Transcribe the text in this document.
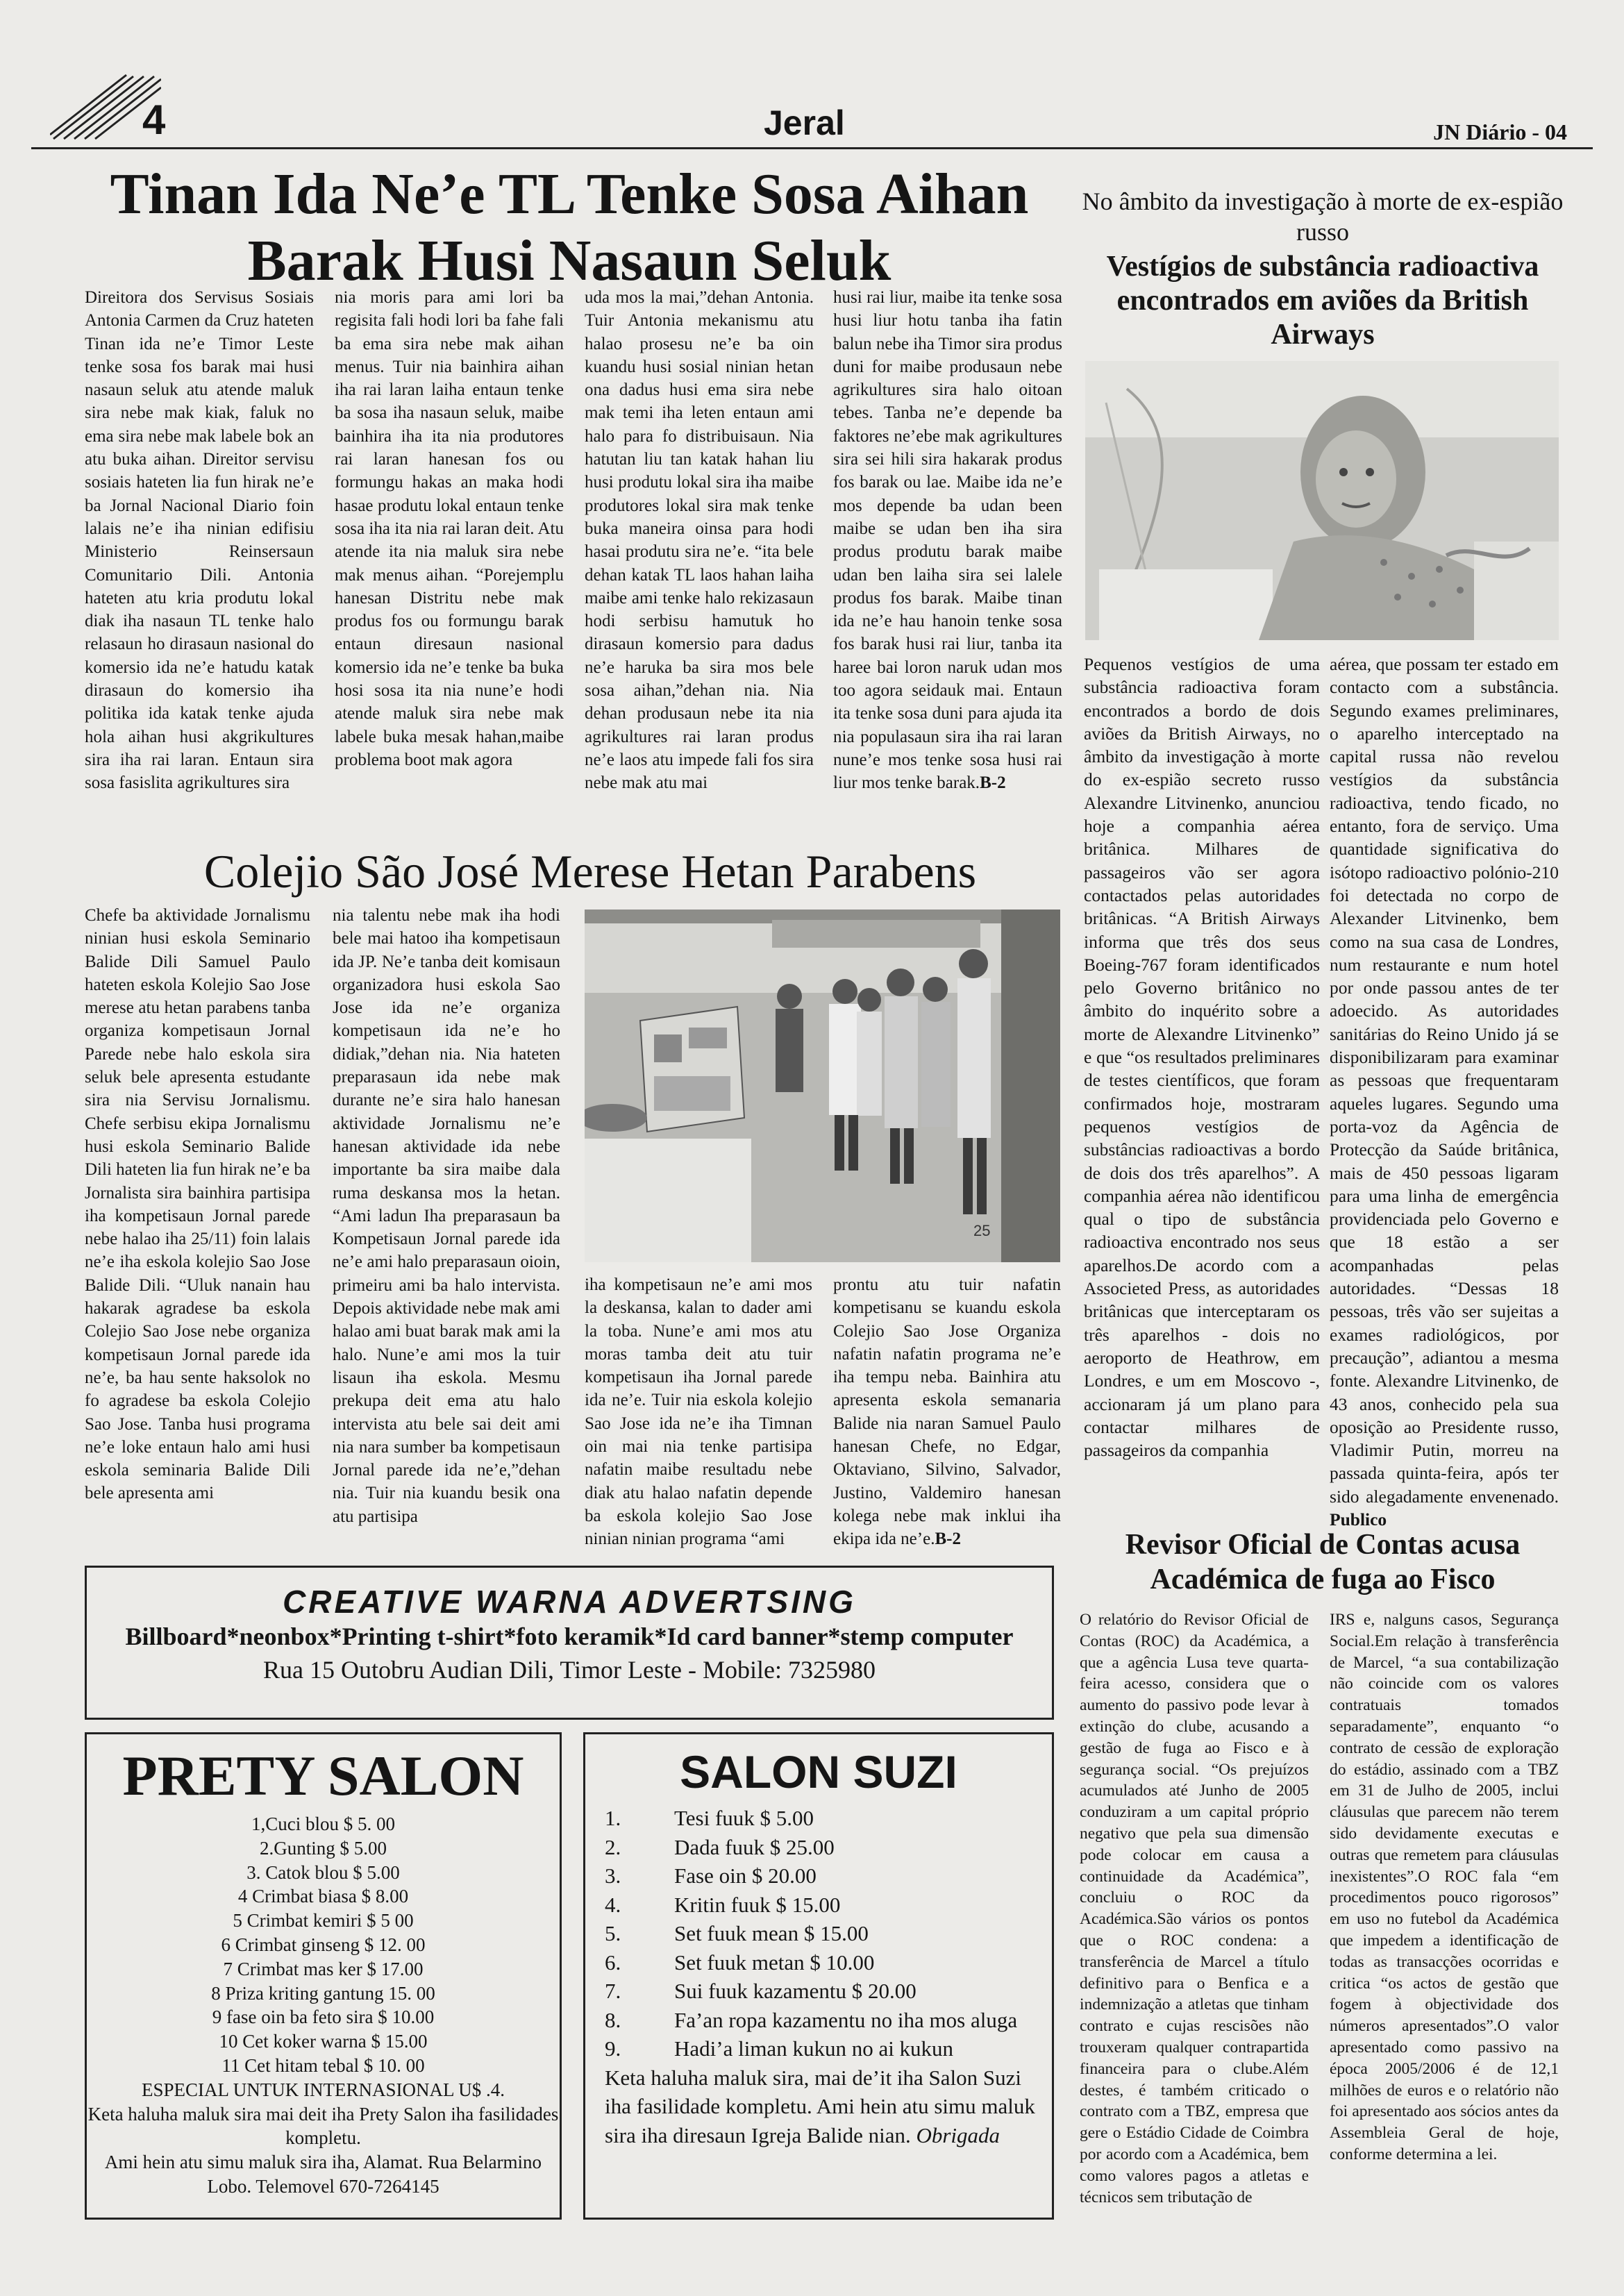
4	Jeral	JN Diário - 04
Tinan Ida Ne’e TL Tenke Sosa Aihan
Barak Husi Nasaun Seluk

Direitora dos Servisus Sosiais Antonia Carmen da Cruz hateten Tinan ida ne’e Timor Leste tenke sosa fos barak mai husi nasaun seluk atu atende maluk sira nebe mak kiak, faluk no ema sira nebe mak labele bok an atu buka aihan. Direitor servisu sosiais hateten lia fun hirak ne’e ba Jornal Nacional Diario foin lalais ne’e iha ninian edifisiu Ministerio Reinsersaun Comunitario Dili. Antonia hateten atu kria produtu lokal diak iha nasaun TL tenke halo relasaun ho dirasaun nasional do komersio ida ne’e hatudu katak dirasaun do komersio iha politika ida katak tenke ajuda hola aihan husi akgrikultures sira iha rai laran. Entaun sira sosa fasislita agrikultures sira

nia moris para ami lori ba regisita fali hodi lori ba fahe fali ba ema sira nebe mak aihan menus. Tuir nia bainhira aihan iha rai laran laiha entaun tenke ba sosa iha nasaun seluk, maibe bainhira iha ita nia produtores rai laran hanesan fos ou formungu hakas an maka hodi hasae produtu lokal entaun tenke sosa iha ita nia rai laran deit. Atu atende ita nia maluk sira nebe mak menus aihan. “Porejemplu hanesan Distritu nebe mak produs fos ou formungu barak entaun diresaun nasional komersio ida ne’e tenke ba buka hosi sosa ita nia nune’e hodi atende maluk sira nebe mak labele buka mesak hahan,maibe problema boot mak agora

uda mos la mai,”dehan Antonia. Tuir Antonia mekanismu atu halao prosesu ne’e ba oin kuandu husi sosial ninian hetan ona dadus husi ema sira nebe mak temi iha leten entaun ami halo para fo distribuisaun. Nia hatutan liu tan katak hahan liu husi produtu lokal sira iha maibe produtores lokal sira mak tenke buka maneira oinsa para hodi hasai produtu sira ne’e. “ita bele dehan katak TL laos hahan laiha maibe ami tenke halo rekizasaun hodi serbisu hamutuk ho dirasaun komersio para dadus ne’e haruka ba sira mos bele sosa aihan,”dehan nia. Nia dehan produsaun nebe ita nia agrikultures rai laran produs ne’e laos atu impede fali fos sira nebe mak atu mai

husi rai liur, maibe ita tenke sosa husi liur hotu tanba iha fatin balun nebe iha Timor sira produs duni for maibe produsaun nebe agrikultures sira halo oitoan tebes. Tanba ne’e depende ba faktores ne’ebe mak agrikultures sira sei hili sira hakarak produs fos barak ou lae. Maibe ida ne’e mos depende ba udan been maibe se udan ben iha sira produs produtu barak maibe udan ben laiha sira sei lalele produs fos barak. Maibe tinan ida ne’e hau hanoin tenke sosa fos barak husi rai liur, tanba ita haree bai loron naruk udan mos too agora seidauk mai. Entaun ita tenke sosa duni para ajuda ita nia populasaun sira iha rai laran nune’e mos tenke sosa husi rai liur mos tenke barak.B-2

Colejio São José Merese Hetan Parabens

Chefe ba aktividade Jornalismu ninian husi eskola Seminario Balide Dili Samuel Paulo hateten eskola Kolejio Sao Jose merese atu hetan parabens tanba organiza kompetisaun Jornal Parede nebe halo eskola sira seluk bele apresenta estudante sira nia Servisu Jornalismu. Chefe serbisu ekipa Jornalismu husi eskola Seminario Balide Dili hateten lia fun hirak ne’e ba Jornalista sira bainhira partisipa iha kompetisaun Jornal parede nebe halao iha 25/11) foin lalais ne’e iha eskola kolejio Sao Jose Balide Dili. “Uluk nanain hau hakarak agradese ba eskola Colejio Sao Jose nebe organiza kompetisaun Jornal parede ida ne’e, ba hau sente haksolok no fo agradese ba eskola Colejio Sao Jose. Tanba husi programa ne’e loke entaun halo ami husi eskola seminaria Balide Dili bele apresenta ami

nia talentu nebe mak iha hodi bele mai hatoo iha kompetisaun ida JP. Ne’e tanba deit komisaun organizadora husi eskola Sao Jose ida ne’e organiza kompetisaun ida ne’e ho didiak,”dehan nia. Nia hateten preparasaun ida nebe mak durante ne’e sira halo hanesan aktividade Jornalismu ne’e hanesan aktividade ida nebe importante ba sira maibe dala ruma deskansa mos la hetan. “Ami ladun Iha preparasaun ba Kompetisaun Jornal parede ida ne’e ami halo preparasaun oioin, primeiru ami ba halo intervista. Depois aktividade nebe mak ami halao ami buat barak mak ami la halo. Nune’e ami mos la tuir lisaun iha eskola. Mesmu prekupa deit ema atu halo intervista atu bele sai deit ami nia nara sumber ba kompetisaun Jornal parede ida ne’e,”dehan nia. Tuir nia kuandu besik ona atu partisipa

25

iha kompetisaun ne’e ami mos la deskansa, kalan to dader ami la toba. Nune’e ami mos atu moras tamba deit atu tuir kompetisaun iha Jornal parede ida ne’e. Tuir nia eskola kolejio Sao Jose ida ne’e iha Timnan oin mai nia tenke partisipa nafatin maibe resultadu nebe diak atu halao nafatin depende ba eskola kolejio Sao Jose ninian ninian programa “ami

prontu atu tuir nafatin kompetisanu se kuandu eskola Colejio Sao Jose Organiza nafatin nafatin programa ne’e iha tempu neba. Bainhira atu apresenta eskola semanaria Balide nia naran Samuel Paulo hanesan Chefe, no Edgar, Oktaviano, Silvino, Salvador, Justino, Valdemiro hanesan kolega nebe mak inklui iha ekipa ida ne’e.B-2

No âmbito da investigação à morte de ex-espião russo
Vestígios de substância radioactiva encontrados em aviões da British Airways

Pequenos vestígios de uma substância radioactiva foram encontrados a bordo de dois aviões da British Airways, no âmbito da investigação à morte do ex-espião secreto russo Alexandre Litvinenko, anunciou hoje a companhia aérea britânica. Milhares de passageiros vão ser agora contactados pelas autoridades britânicas. “A British Airways informa que três dos seus Boeing-767 foram identificados pelo Governo britânico no âmbito do inquérito sobre a morte de Alexandre Litvinenko” e que “os resultados preliminares de testes científicos, que foram confirmados hoje, mostraram pequenos vestígios de substâncias radioactivas a bordo de dois dos três aparelhos”. A companhia aérea não identificou qual o tipo de substância radioactiva encontrado nos seus aparelhos.De acordo com a Associeted Press, as autoridades britânicas que interceptaram os três aparelhos - dois no aeroporto de Heathrow, em Londres, e um em Moscovo -, accionaram já um plano para contactar milhares de passageiros da companhia

aérea, que possam ter estado em contacto com a substância. Segundo exames preliminares, o aparelho interceptado na capital russa não revelou vestígios da substância radioactiva, tendo ficado, no entanto, fora de serviço. Uma quantidade significativa do isótopo radioactivo polónio-210 foi detectada no corpo de Alexander Litvinenko, bem como na sua casa de Londres, num restaurante e num hotel por onde passou antes de ter adoecido. As autoridades sanitárias do Reino Unido já se disponibilizaram para examinar as pessoas que frequentaram aqueles lugares. Segundo uma porta-voz da Agência de Protecção da Saúde britânica, mais de 450 pessoas ligaram para uma linha de emergência providenciada pelo Governo e que 18 estão a ser acompanhadas pelas autoridades. “Dessas 18 pessoas, três vão ser sujeitas a exames radiológicos, por precaução”, adiantou a mesma fonte. Alexandre Litvinenko, de 43 anos, conhecido pela sua oposição ao Presidente russo, Vladimir Putin, morreu na passada quinta-feira, após ter sido alegadamente envenenado. Publico

Revisor Oficial de Contas acusa
Académica de fuga ao Fisco

O relatório do Revisor Oficial de Contas (ROC) da Académica, a que a agência Lusa teve quarta-feira acesso, considera que o aumento do passivo pode levar à extinção do clube, acusando a gestão de fuga ao Fisco e à segurança social. “Os prejuízos acumulados até Junho de 2005 conduziram a um capital próprio negativo que pela sua dimensão pode colocar em causa a continuidade da Académica”, concluiu o ROC da Académica.São vários os pontos que o ROC condena: a transferência de Marcel a título definitivo para o Benfica e a indemnização a atletas que tinham contrato e cujas rescisões não trouxeram qualquer contrapartida financeira para o clube.Além destes, é também criticado o contrato com a TBZ, empresa que gere o Estádio Cidade de Coimbra por acordo com a Académica, bem como valores pagos a atletas e técnicos sem tributação de

IRS e, nalguns casos, Segurança Social.Em relação à transferência de Marcel, “a sua contabilização não coincide com os valores contratuais tomados separadamente”, enquanto “o contrato de cessão de exploração do estádio, assinado com a TBZ em 31 de Julho de 2005, inclui cláusulas que parecem não terem sido devidamente executas e outras que remetem para cláusulas inexistentes”.O ROC fala “em procedimentos pouco rigorosos” em uso no futebol da Académica que impedem a identificação de todas as transacções ocorridas e critica “os actos de gestão que fogem à objectividade dos números apresentados”.O valor apresentado como passivo na época 2005/2006 é de 12,1 milhões de euros e o relatório não foi apresentado aos sócios antes da Assembleia Geral de hoje, conforme determina a lei.

CREATIVE WARNA ADVERTSING
Billboard*neonbox*Printing t-shirt*foto keramik*Id card banner*stemp computer
Rua 15 Outobru Audian Dili, Timor Leste - Mobile: 7325980
PRETY SALON
1,Cuci blou $ 5. 00
2.Gunting $ 5.00
3. Catok blou $ 5.00
4 Crimbat biasa $ 8.00
5 Crimbat kemiri $ 5 00
6 Crimbat ginseng $ 12. 00
7 Crimbat mas ker $ 17.00
8 Priza kriting gantung 15. 00
9 fase oin ba feto sira $ 10.00
10 Cet koker warna $ 15.00
11 Cet hitam tebal $ 10. 00
ESPECIAL UNTUK INTERNASIONAL U$ .4.
Keta haluha maluk sira mai deit iha Prety Salon iha fasilidades kompletu.
Ami hein atu simu maluk sira iha, Alamat. Rua Belarmino Lobo. Telemovel 670-7264145
SALON SUZI
1.	Tesi fuuk $ 5.00
2.	Dada fuuk $ 25.00
3.	Fase oin $ 20.00
4.	Kritin fuuk $ 15.00
5.	Set fuuk mean $ 15.00
6.	Set fuuk metan $ 10.00
7.	Sui fuuk kazamentu $ 20.00
8.	Fa’an ropa kazamentu no iha mos aluga
9.	Hadi’a liman kukun no ai kukun
Keta haluha maluk sira, mai de’it iha Salon Suzi iha fasilidade kompletu. Ami hein atu simu maluk sira iha diresaun Igreja Balide nian. Obrigada
